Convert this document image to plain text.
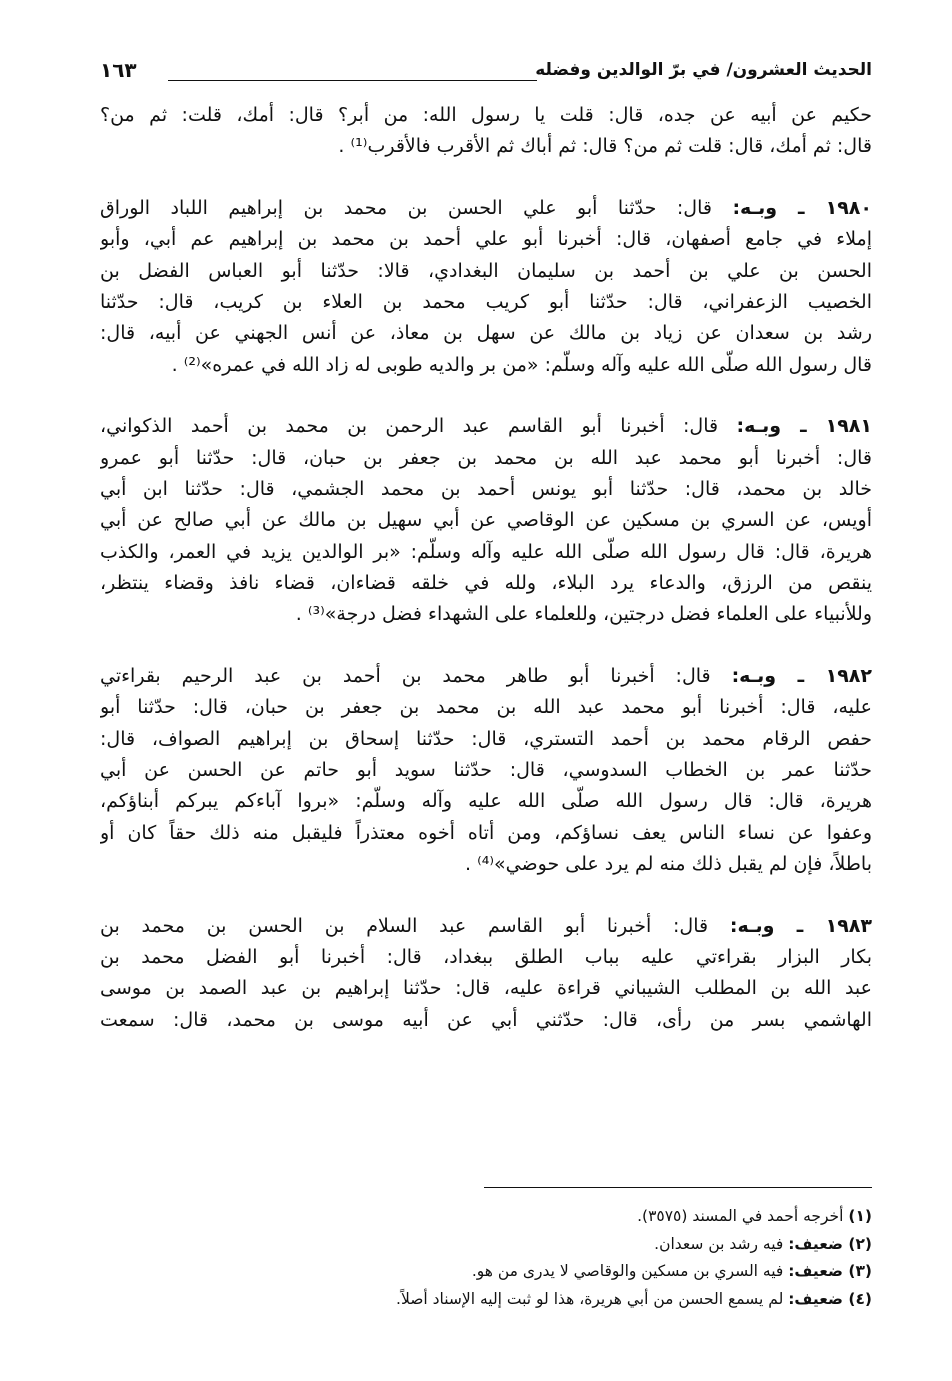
الحديث العشرون/ في برّ الوالدين وفضله
١٦٣
حكيم عن أبيه عن جده، قال: قلت يا رسول الله: من أبر؟ قال: أمك، قلت: ثم من؟
قال: ثم أمك، قال: قلت ثم من؟ قال: ثم أباك ثم الأقرب فالأقرب⁽¹⁾ .
١٩٨٠ ـ وبـه: قال: حدّثنا أبو علي الحسن بن محمد بن إبراهيم اللباد الوراق
إملاء في جامع أصفهان، قال: أخبرنا أبو علي أحمد بن محمد بن إبراهيم عم أبي، وأبو
الحسن بن علي بن أحمد بن سليمان البغدادي، قالا: حدّثنا أبو العباس الفضل بن
الخصيب الزعفراني، قال: حدّثنا أبو كريب محمد بن العلاء بن كريب، قال: حدّثنا
رشد بن سعدان عن زياد بن مالك عن سهل بن معاذ، عن أنس الجهني عن أبيه، قال:
قال رسول الله صلّى الله عليه وآله وسلّم: «من بر والديه طوبى له زاد الله في عمره»⁽²⁾ .
١٩٨١ ـ وبـه: قال: أخبرنا أبو القاسم عبد الرحمن بن محمد بن أحمد الذكواني،
قال: أخبرنا أبو محمد عبد الله بن محمد بن جعفر بن حبان، قال: حدّثنا أبو عمرو
خالد بن محمد، قال: حدّثنا أبو يونس أحمد بن محمد الجشمي، قال: حدّثنا ابن أبي
أويس، عن السري بن مسكين عن الوقاصي عن أبي سهيل بن مالك عن أبي صالح عن أبي
هريرة، قال: قال رسول الله صلّى الله عليه وآله وسلّم: «بر الوالدين يزيد في العمر، والكذب
ينقص من الرزق، والدعاء يرد البلاء، ولله في خلقه قضاءان، قضاء نافذ وقضاء ينتظر،
وللأنبياء على العلماء فضل درجتين، وللعلماء على الشهداء فضل درجة»⁽³⁾ .
١٩٨٢ ـ وبـه: قال: أخبرنا أبو طاهر محمد بن أحمد بن عبد الرحيم بقراءتي
عليه، قال: أخبرنا أبو محمد عبد الله بن محمد بن جعفر بن حبان، قال: حدّثنا أبو
حفص الرقام محمد بن أحمد التستري، قال: حدّثنا إسحاق بن إبراهيم الصواف، قال:
حدّثنا عمر بن الخطاب السدوسي، قال: حدّثنا سويد أبو حاتم عن الحسن عن أبي
هريرة، قال: قال رسول الله صلّى الله عليه وآله وسلّم: «بروا آباءكم يبركم أبناؤكم،
وعفوا عن نساء الناس يعف نساؤكم، ومن أتاه أخوه معتذراً فليقبل منه ذلك حقاً كان أو
باطلاً، فإن لم يقبل ذلك منه لم يرد على حوضي»⁽⁴⁾ .
١٩٨٣ ـ وبـه: قال: أخبرنا أبو القاسم عبد السلام بن الحسن بن محمد بن
بكار البزار بقراءتي عليه بباب الطلق ببغداد، قال: أخبرنا أبو الفضل محمد بن
عبد الله بن المطلب الشيباني قراءة عليه، قال: حدّثنا إبراهيم بن عبد الصمد بن موسى
الهاشمي بسر من رأى، قال: حدّثني أبي عن أبيه موسى بن محمد، قال: سمعت
(١) أخرجه أحمد في المسند (٣٥٧٥).
(٢) ضعيف: فيه رشد بن سعدان.
(٣) ضعيف: فيه السري بن مسكين والوقاصي لا يدرى من هو.
(٤) ضعيف: لم يسمع الحسن من أبي هريرة، هذا لو ثبت إليه الإسناد أصلاً.
